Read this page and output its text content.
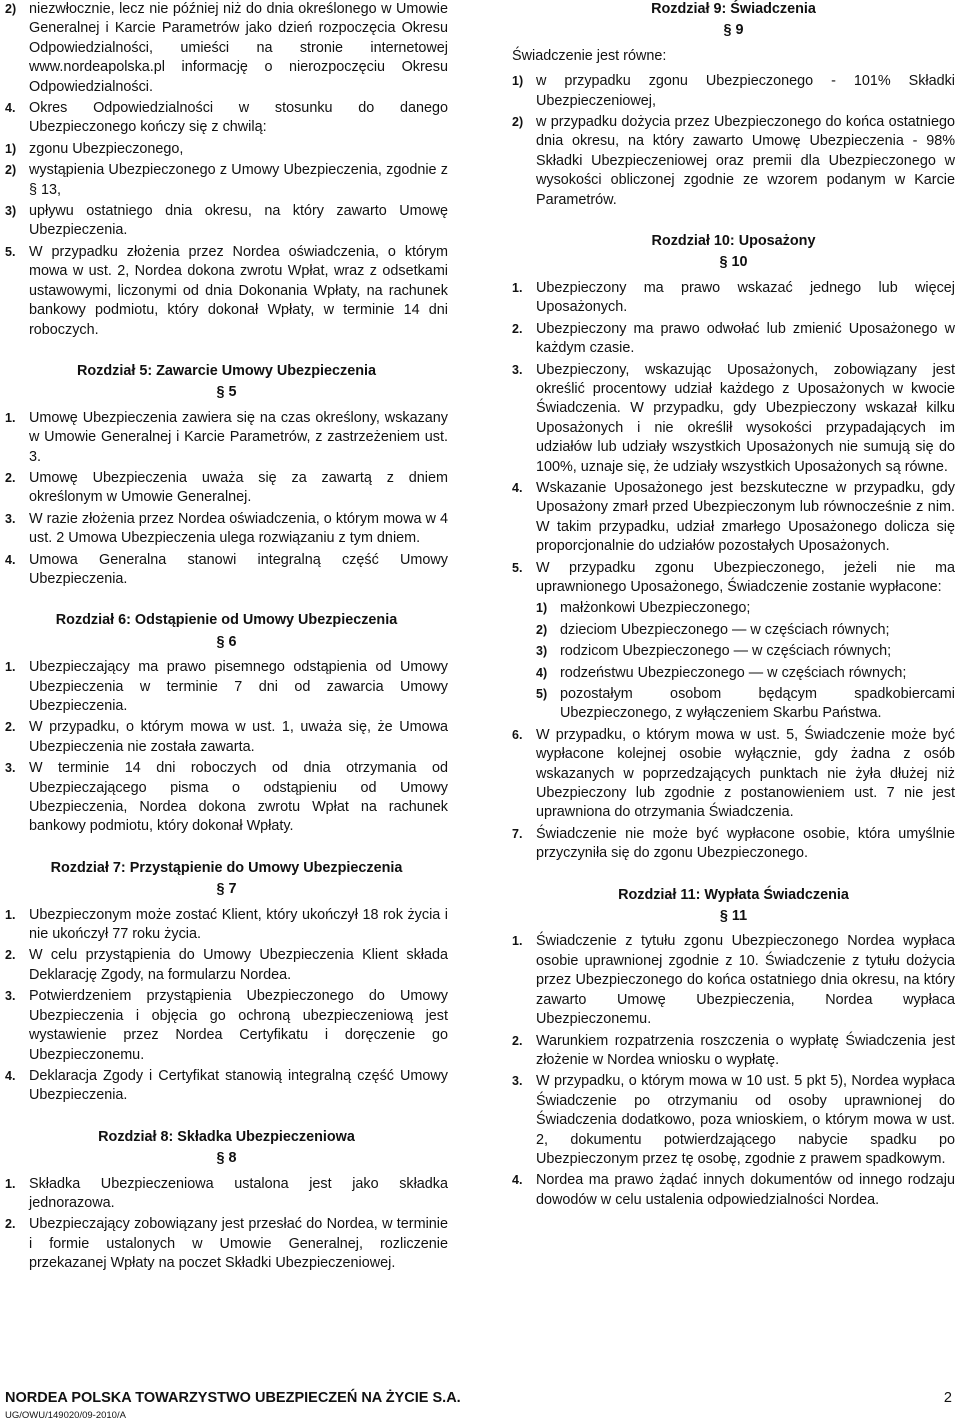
2) niezwłocznie, lecz nie później niż do dnia określonego w Umowie Generalnej i Karcie Parametrów jako dzień rozpoczęcia Okresu Odpowiedzialności, umieści na stronie internetowej www.nordeapolska.pl informację o nierozpoczęciu Okresu Odpowiedzialności.
4. Okres Odpowiedzialności w stosunku do danego Ubezpieczonego kończy się z chwilą:
1) zgonu Ubezpieczonego,
2) wystąpienia Ubezpieczonego z Umowy Ubezpieczenia, zgodnie z § 13,
3) upływu ostatniego dnia okresu, na który zawarto Umowę Ubezpieczenia.
5. W przypadku złożenia przez Nordea oświadczenia, o którym mowa w ust. 2, Nordea dokona zwrotu Wpłat, wraz z odsetkami ustawowymi, liczonymi od dnia Dokonania Wpłaty, na rachunek bankowy podmiotu, który dokonał Wpłaty, w terminie 14 dni roboczych.
Rozdział 5: Zawarcie Umowy Ubezpieczenia
§ 5
1. Umowę Ubezpieczenia zawiera się na czas określony, wskazany w Umowie Generalnej i Karcie Parametrów, z zastrzeżeniem ust. 3.
2. Umowę Ubezpieczenia uważa się za zawartą z dniem określonym w Umowie Generalnej.
3. W razie złożenia przez Nordea oświadczenia, o którym mowa w 4 ust. 2 Umowa Ubezpieczenia ulega rozwiązaniu z tym dniem.
4. Umowa Generalna stanowi integralną część Umowy Ubezpieczenia.
Rozdział 6: Odstąpienie od Umowy Ubezpieczenia
§ 6
1. Ubezpieczający ma prawo pisemnego odstąpienia od Umowy Ubezpieczenia w terminie 7 dni od zawarcia Umowy Ubezpieczenia.
2. W przypadku, o którym mowa w ust. 1, uważa się, że Umowa Ubezpieczenia nie została zawarta.
3. W terminie 14 dni roboczych od dnia otrzymania od Ubezpieczającego pisma o odstąpieniu od Umowy Ubezpieczenia, Nordea dokona zwrotu Wpłat na rachunek bankowy podmiotu, który dokonał Wpłaty.
Rozdział 7: Przystąpienie do Umowy Ubezpieczenia
§ 7
1. Ubezpieczonym może zostać Klient, który ukończył 18 rok życia i nie ukończył 77 roku życia.
2. W celu przystąpienia do Umowy Ubezpieczenia Klient składa Deklarację Zgody, na formularzu Nordea.
3. Potwierdzeniem przystąpienia Ubezpieczonego do Umowy Ubezpieczenia i objęcia go ochroną ubezpieczeniową jest wystawienie przez Nordea Certyfikatu i doręczenie go Ubezpieczonemu.
4. Deklaracja Zgody i Certyfikat stanowią integralną część Umowy Ubezpieczenia.
Rozdział 8: Składka Ubezpieczeniowa
§ 8
1. Składka Ubezpieczeniowa ustalona jest jako składka jednorazowa.
2. Ubezpieczający zobowiązany jest przesłać do Nordea, w terminie i formie ustalonych w Umowie Generalnej, rozliczenie przekazanej Wpłaty na poczet Składki Ubezpieczeniowej.
Rozdział 9: Świadczenia
§ 9
Świadczenie jest równe:
1) w przypadku zgonu Ubezpieczonego - 101% Składki Ubezpieczeniowej,
2) w przypadku dożycia przez Ubezpieczonego do końca ostatniego dnia okresu, na który zawarto Umowę Ubezpieczenia - 98% Składki Ubezpieczeniowej oraz premii dla Ubezpieczonego w wysokości obliczonej zgodnie ze wzorem podanym w Karcie Parametrów.
Rozdział 10: Uposażony
§ 10
1. Ubezpieczony ma prawo wskazać jednego lub więcej Uposażonych.
2. Ubezpieczony ma prawo odwołać lub zmienić Uposażonego w każdym czasie.
3. Ubezpieczony, wskazując Uposażonych, zobowiązany jest określić procentowy udział każdego z Uposażonych w kwocie Świadczenia. W przypadku, gdy Ubezpieczony wskazał kilku Uposażonych i nie określił wysokości przypadających im udziałów lub udziały wszystkich Uposażonych nie sumują się do 100%, uznaje się, że udziały wszystkich Uposażonych są równe.
4. Wskazanie Uposażonego jest bezskuteczne w przypadku, gdy Uposażony zmarł przed Ubezpieczonym lub równocześnie z nim. W takim przypadku, udział zmarłego Uposażonego dolicza się proporcjonalnie do udziałów pozostałych Uposażonych.
5. W przypadku zgonu Ubezpieczonego, jeżeli nie ma uprawnionego Uposażonego, Świadczenie zostanie wypłacone:
1) małżonkowi Ubezpieczonego;
2) dzieciom Ubezpieczonego — w częściach równych;
3) rodzicom Ubezpieczonego — w częściach równych;
4) rodzeństwu Ubezpieczonego — w częściach równych;
5) pozostałym osobom będącym spadkobiercami Ubezpieczonego, z wyłączeniem Skarbu Państwa.
6. W przypadku, o którym mowa w ust. 5, Świadczenie może być wypłacone kolejnej osobie wyłącznie, gdy żadna z osób wskazanych w poprzedzających punktach nie żyła dłużej niż Ubezpieczony lub zgodnie z postanowieniem ust. 7 nie jest uprawniona do otrzymania Świadczenia.
7. Świadczenie nie może być wypłacone osobie, która umyślnie przyczyniła się do zgonu Ubezpieczonego.
Rozdział 11: Wypłata Świadczenia
§ 11
1. Świadczenie z tytułu zgonu Ubezpieczonego Nordea wypłaca osobie uprawnionej zgodnie z 10. Świadczenie z tytułu dożycia przez Ubezpieczonego do końca ostatniego dnia okresu, na który zawarto Umowę Ubezpieczenia, Nordea wypłaca Ubezpieczonemu.
2. Warunkiem rozpatrzenia roszczenia o wypłatę Świadczenia jest złożenie w Nordea wniosku o wypłatę.
3. W przypadku, o którym mowa w 10 ust. 5 pkt 5), Nordea wypłaca Świadczenie po otrzymaniu od osoby uprawnionej do Świadczenia dodatkowo, poza wnioskiem, o którym mowa w ust. 2, dokumentu potwierdzającego nabycie spadku po Ubezpieczonym przez tę osobę, zgodnie z prawem spadkowym.
4. Nordea ma prawo żądać innych dokumentów od innego rodzaju dowodów w celu ustalenia odpowiedzialności Nordea.
NORDEA POLSKA TOWARZYSTWO UBEZPIECZEŃ NA ŻYCIE S.A.
UG/OWU/149020/09-2010/A
2
